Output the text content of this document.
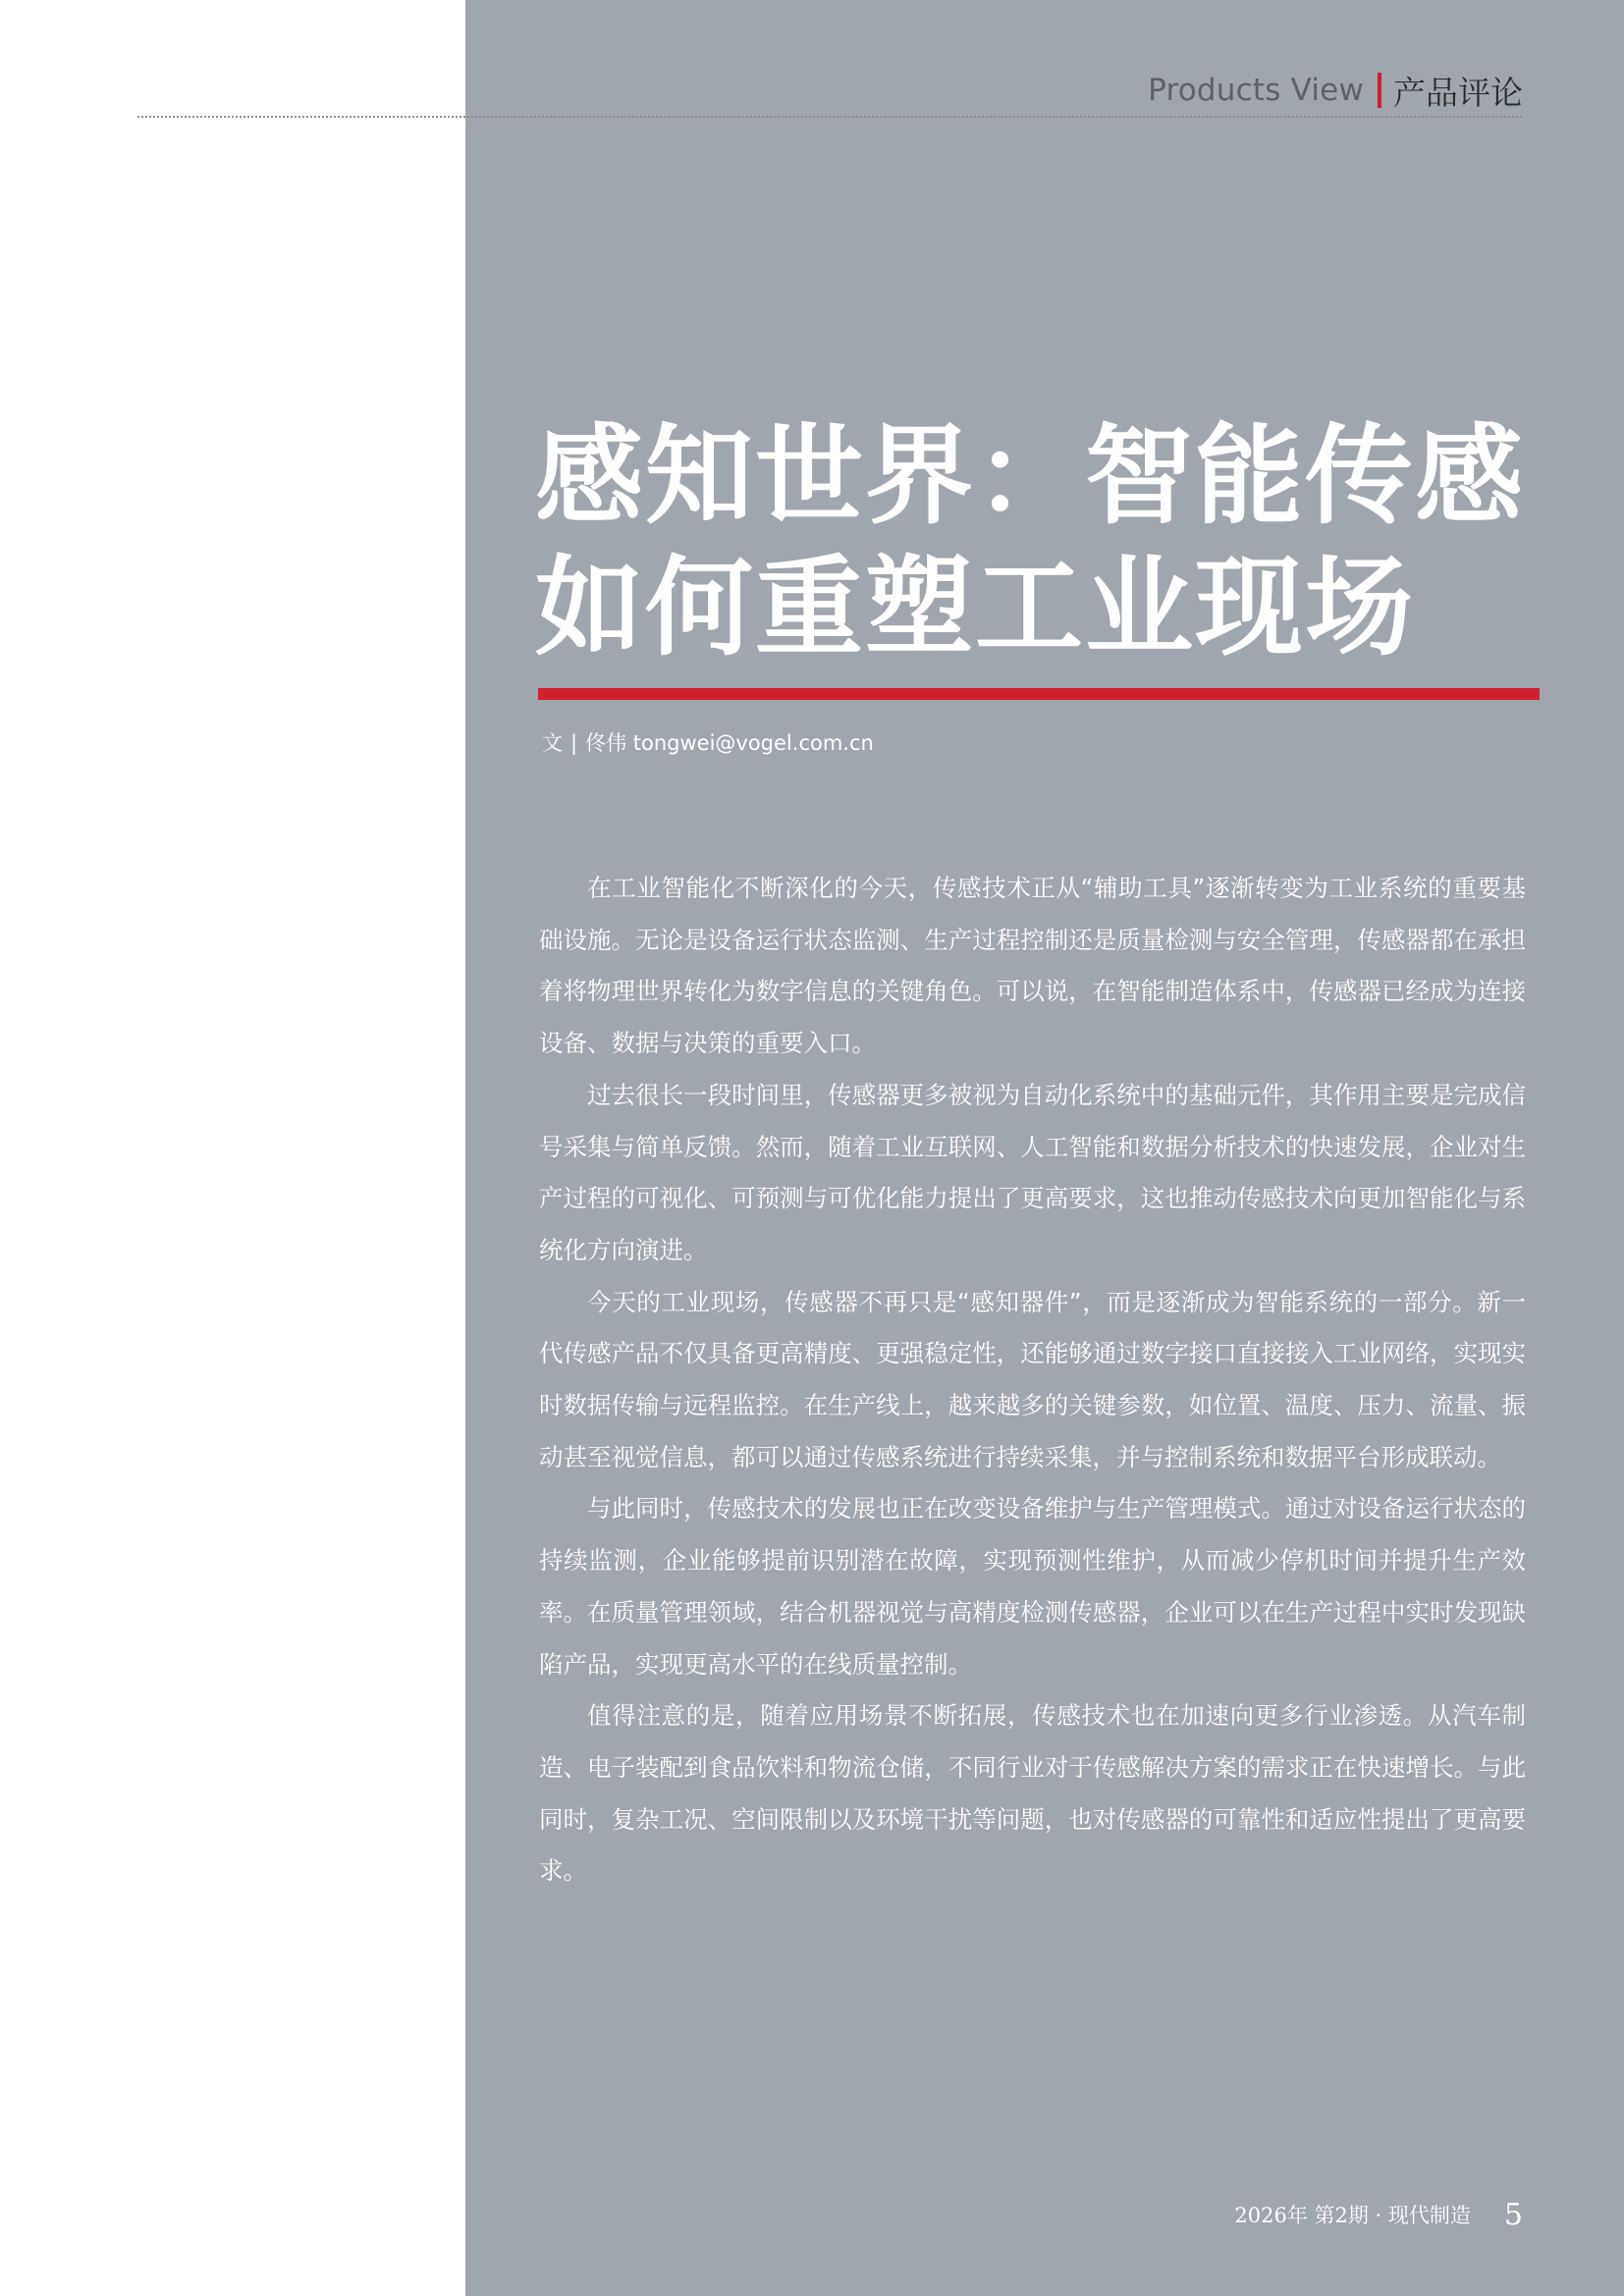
Products View 产品评论
感知世界：智能传感
如何重塑工业现场
文 | 佟伟 tongwei@vogel.com.cn

在工业智能化不断深化的今天，传感技术正从“辅助工具”逐渐转变为工业系统的重要基础设施。无论是设备运行状态监测、生产过程控制还是质量检测与安全管理，传感器都在承担着将物理世界转化为数字信息的关键角色。可以说，在智能制造体系中，传感器已经成为连接设备、数据与决策的重要入口。

过去很长一段时间里，传感器更多被视为自动化系统中的基础元件，其作用主要是完成信号采集与简单反馈。然而，随着工业互联网、人工智能和数据分析技术的快速发展，企业对生产过程的可视化、可预测与可优化能力提出了更高要求，这也推动传感技术向更加智能化与系统化方向演进。

今天的工业现场，传感器不再只是“感知器件”，而是逐渐成为智能系统的一部分。新一代传感产品不仅具备更高精度、更强稳定性，还能够通过数字接口直接接入工业网络，实现实时数据传输与远程监控。在生产线上，越来越多的关键参数，如位置、温度、压力、流量、振动甚至视觉信息，都可以通过传感系统进行持续采集，并与控制系统和数据平台形成联动。

与此同时，传感技术的发展也正在改变设备维护与生产管理模式。通过对设备运行状态的持续监测，企业能够提前识别潜在故障，实现预测性维护，从而减少停机时间并提升生产效率。在质量管理领域，结合机器视觉与高精度检测传感器，企业可以在生产过程中实时发现缺陷产品，实现更高水平的在线质量控制。

值得注意的是，随着应用场景不断拓展，传感技术也在加速向更多行业渗透。从汽车制造、电子装配到食品饮料和物流仓储，不同行业对于传感解决方案的需求正在快速增长。与此同时，复杂工况、空间限制以及环境干扰等问题，也对传感器的可靠性和适应性提出了更高要求。

2026年 第2期 · 现代制造 5
